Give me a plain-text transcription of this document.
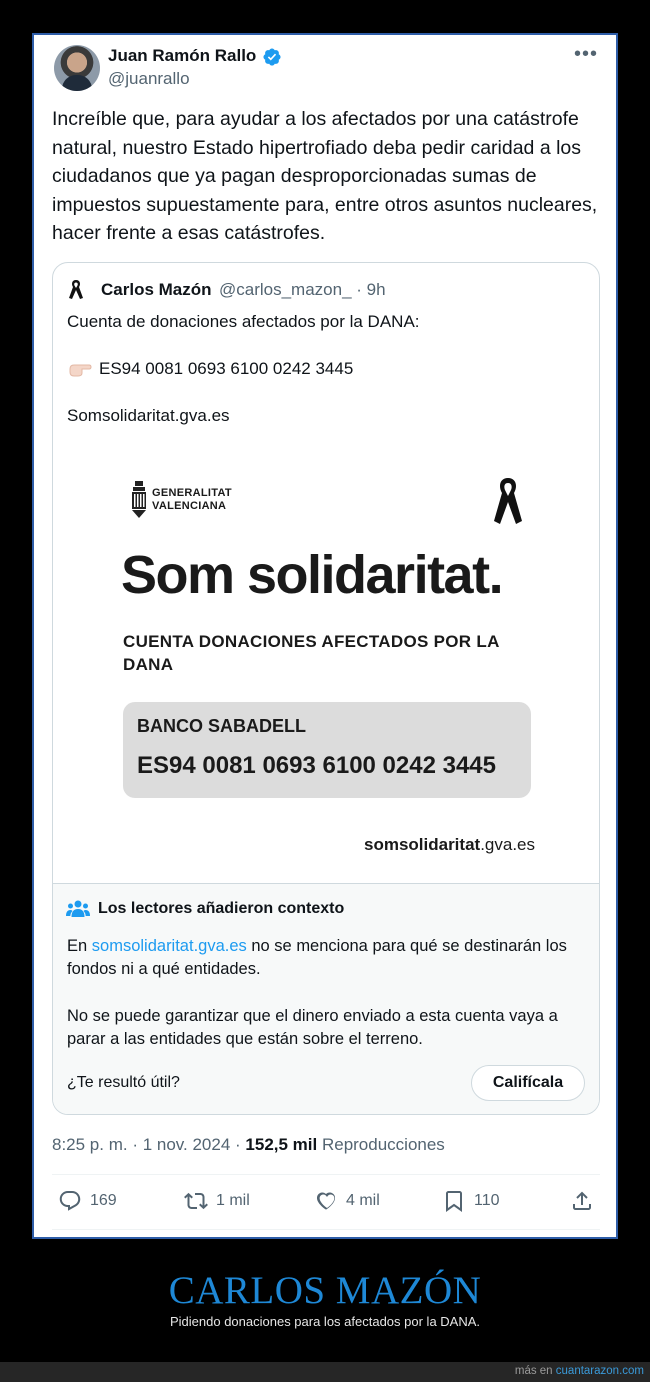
Juan Ramón Rallo
@juanrallo
•••
Increíble que, para ayudar a los afectados por una catástrofe natural, nuestro Estado hipertrofiado deba pedir caridad a los ciudadanos que ya pagan desproporcionadas sumas de impuestos supuestamente para, entre otros asuntos nucleares, hacer frente a esas catástrofes.
Carlos Mazón @carlos_mazon_ · 9h
Cuenta de donaciones afectados por la DANA:
ES94 0081 0693 6100 0242 3445
Somsolidaritat.gva.es
GENERALITAT
VALENCIANA
Som solidaritat.
CUENTA DONACIONES AFECTADOS POR LA DANA
BANCO SABADELL
ES94 0081 0693 6100 0242 3445
somsolidaritat.gva.es
Los lectores añadieron contexto
En somsolidaritat.gva.es no se menciona para qué se destinarán los fondos ni a qué entidades.
No se puede garantizar que el dinero enviado a esta cuenta vaya a parar a las entidades que están sobre el terreno.
¿Te resultó útil?	Califícala
8:25 p. m. · 1 nov. 2024 · 152,5 mil Reproducciones
169	1 mil	4 mil	110
CARLOS MAZÓN
Pidiendo donaciones para los afectados por la DANA.
más en cuantarazon.com
